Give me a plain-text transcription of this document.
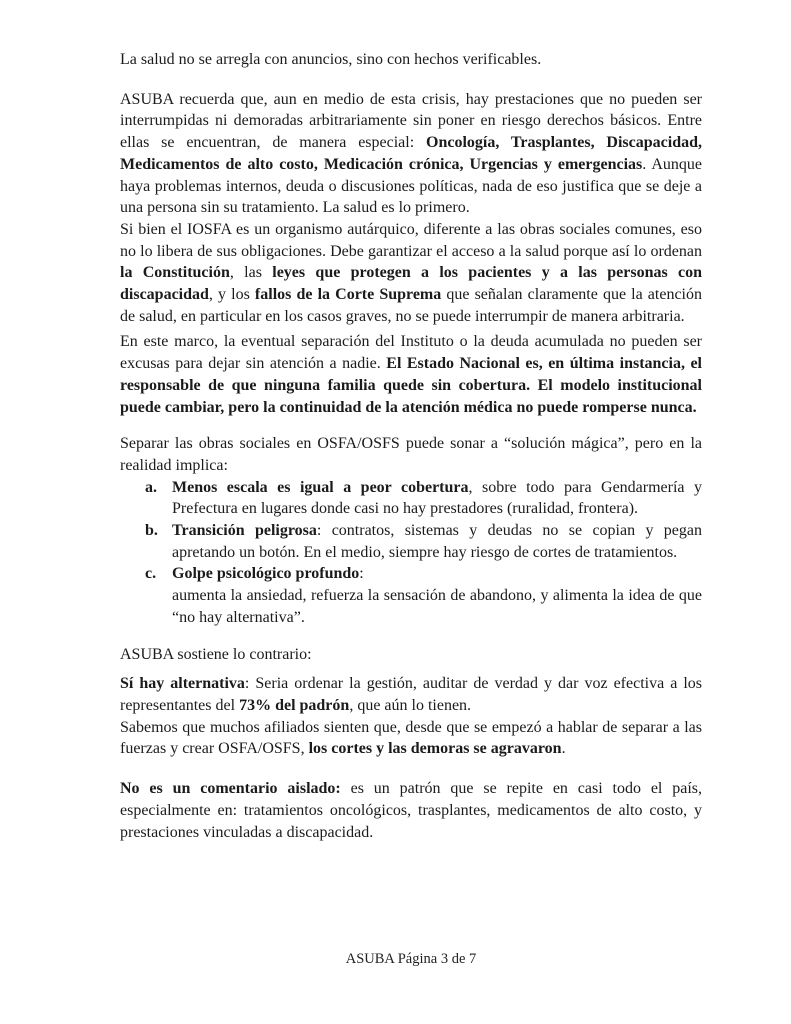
La salud no se arregla con anuncios, sino con hechos verificables.

ASUBA recuerda que, aun en medio de esta crisis, hay prestaciones que no pueden ser interrumpidas ni demoradas arbitrariamente sin poner en riesgo derechos básicos. Entre ellas se encuentran, de manera especial: Oncología, Trasplantes, Discapacidad, Medicamentos de alto costo, Medicación crónica, Urgencias y emergencias. Aunque haya problemas internos, deuda o discusiones políticas, nada de eso justifica que se deje a una persona sin su tratamiento. La salud es lo primero.

Si bien el IOSFA es un organismo autárquico, diferente a las obras sociales comunes, eso no lo libera de sus obligaciones. Debe garantizar el acceso a la salud porque así lo ordenan la Constitución, las leyes que protegen a los pacientes y a las personas con discapacidad, y los fallos de la Corte Suprema que señalan claramente que la atención de salud, en particular en los casos graves, no se puede interrumpir de manera arbitraria.

En este marco, la eventual separación del Instituto o la deuda acumulada no pueden ser excusas para dejar sin atención a nadie. El Estado Nacional es, en última instancia, el responsable de que ninguna familia quede sin cobertura. El modelo institucional puede cambiar, pero la continuidad de la atención médica no puede romperse nunca.

Separar las obras sociales en OSFA/OSFS puede sonar a “solución mágica”, pero en la realidad implica:

a. Menos escala es igual a peor cobertura, sobre todo para Gendarmería y Prefectura en lugares donde casi no hay prestadores (ruralidad, frontera).
b. Transición peligrosa: contratos, sistemas y deudas no se copian y pegan apretando un botón. En el medio, siempre hay riesgo de cortes de tratamientos.
c. Golpe psicológico profundo:
aumenta la ansiedad, refuerza la sensación de abandono, y alimenta la idea de que “no hay alternativa”.

ASUBA sostiene lo contrario:

Sí hay alternativa: Seria ordenar la gestión, auditar de verdad y dar voz efectiva a los representantes del 73% del padrón, que aún lo tienen.

Sabemos que muchos afiliados sienten que, desde que se empezó a hablar de separar a las fuerzas y crear OSFA/OSFS, los cortes y las demoras se agravaron.

No es un comentario aislado: es un patrón que se repite en casi todo el país, especialmente en: tratamientos oncológicos, trasplantes, medicamentos de alto costo, y prestaciones vinculadas a discapacidad.

ASUBA Página 3 de 7
